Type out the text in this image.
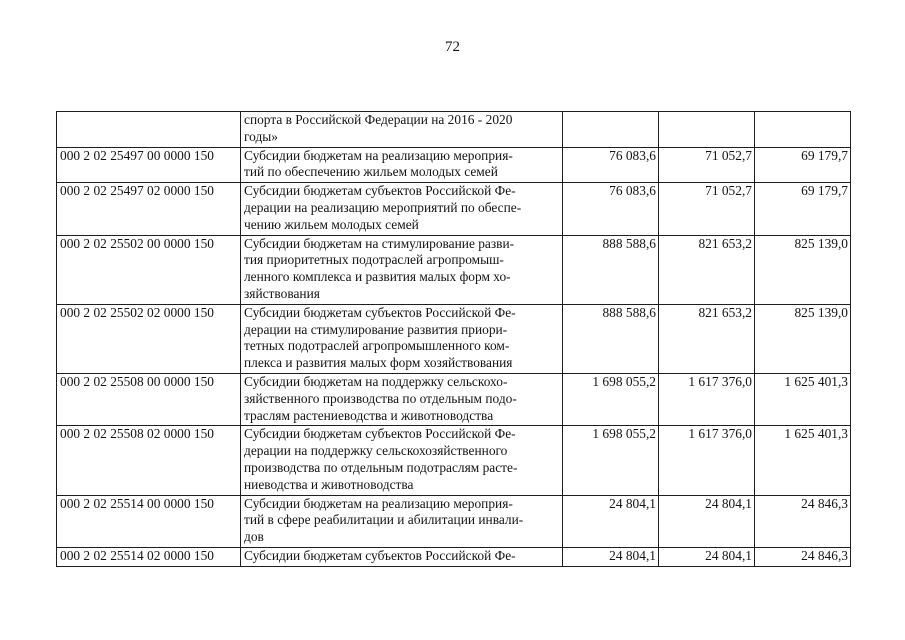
72

	спорта в Российской Федерации на 2016 - 2020
годы»			

000 2 02 25497 00 0000 150	Субсидии бюджетам на реализацию мероприя-
тий по обеспечению жильем молодых семей	76 083,6	71 052,7	69 179,7
000 2 02 25497 02 0000 150	Субсидии бюджетам субъектов Российской Фе-
дерации на реализацию мероприятий по обеспе-
чению жильем молодых семей	76 083,6	71 052,7	69 179,7
000 2 02 25502 00 0000 150	Субсидии бюджетам на стимулирование разви-
тия приоритетных подотраслей агропромыш-
ленного комплекса и развития малых форм хо-
зяйствования	888 588,6	821 653,2	825 139,0
000 2 02 25502 02 0000 150	Субсидии бюджетам субъектов Российской Фе-
дерации на стимулирование развития приори-
тетных подотраслей агропромышленного ком-
плекса и развития малых форм хозяйствования	888 588,6	821 653,2	825 139,0
000 2 02 25508 00 0000 150	Субсидии бюджетам на поддержку сельскохо-
зяйственного производства по отдельным подо-
траслям растениеводства и животноводства	1 698 055,2	1 617 376,0	1 625 401,3
000 2 02 25508 02 0000 150	Субсидии бюджетам субъектов Российской Фе-
дерации на поддержку сельскохозяйственного
производства по отдельным подотраслям расте-
ниеводства и животноводства	1 698 055,2	1 617 376,0	1 625 401,3
000 2 02 25514 00 0000 150	Субсидии бюджетам на реализацию мероприя-
тий в сфере реабилитации и абилитации инвали-
дов	24 804,1	24 804,1	24 846,3
000 2 02 25514 02 0000 150	Субсидии бюджетам субъектов Российской Фе-	24 804,1	24 804,1	24 846,3
